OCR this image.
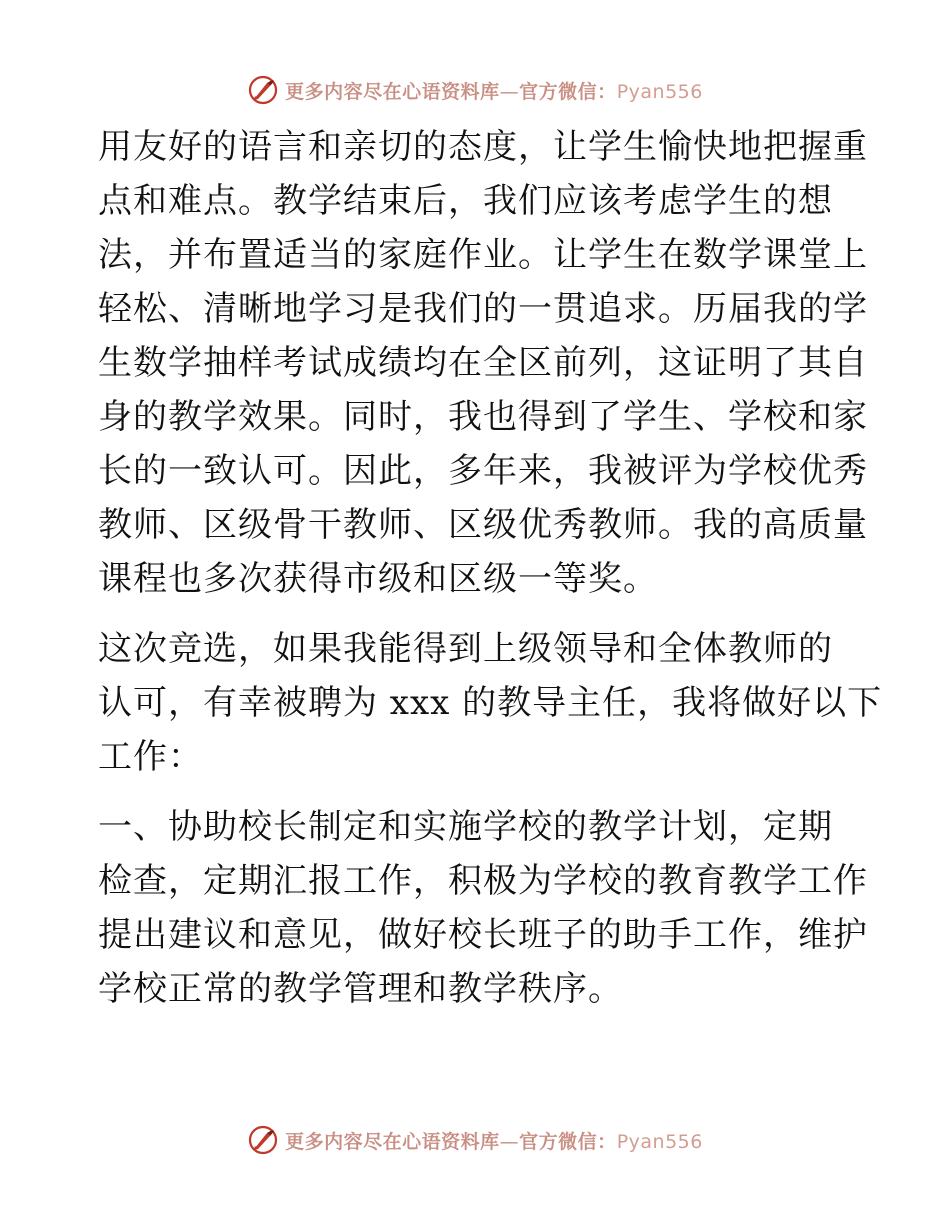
更多内容尽在心语资料库—官方微信：Pyan556
用友好的语言和亲切的态度，让学生愉快地把握重
点和难点。教学结束后，我们应该考虑学生的想
法，并布置适当的家庭作业。让学生在数学课堂上
轻松、清晰地学习是我们的一贯追求。历届我的学
生数学抽样考试成绩均在全区前列，这证明了其自
身的教学效果。同时，我也得到了学生、学校和家
长的一致认可。因此，多年来，我被评为学校优秀
教师、区级骨干教师、区级优秀教师。我的高质量
课程也多次获得市级和区级一等奖。
这次竞选，如果我能得到上级领导和全体教师的
认可，有幸被聘为 xxx 的教导主任，我将做好以下
工作：
一、协助校长制定和实施学校的教学计划，定期
检查，定期汇报工作，积极为学校的教育教学工作
提出建议和意见，做好校长班子的助手工作，维护
学校正常的教学管理和教学秩序。
更多内容尽在心语资料库—官方微信：Pyan556
